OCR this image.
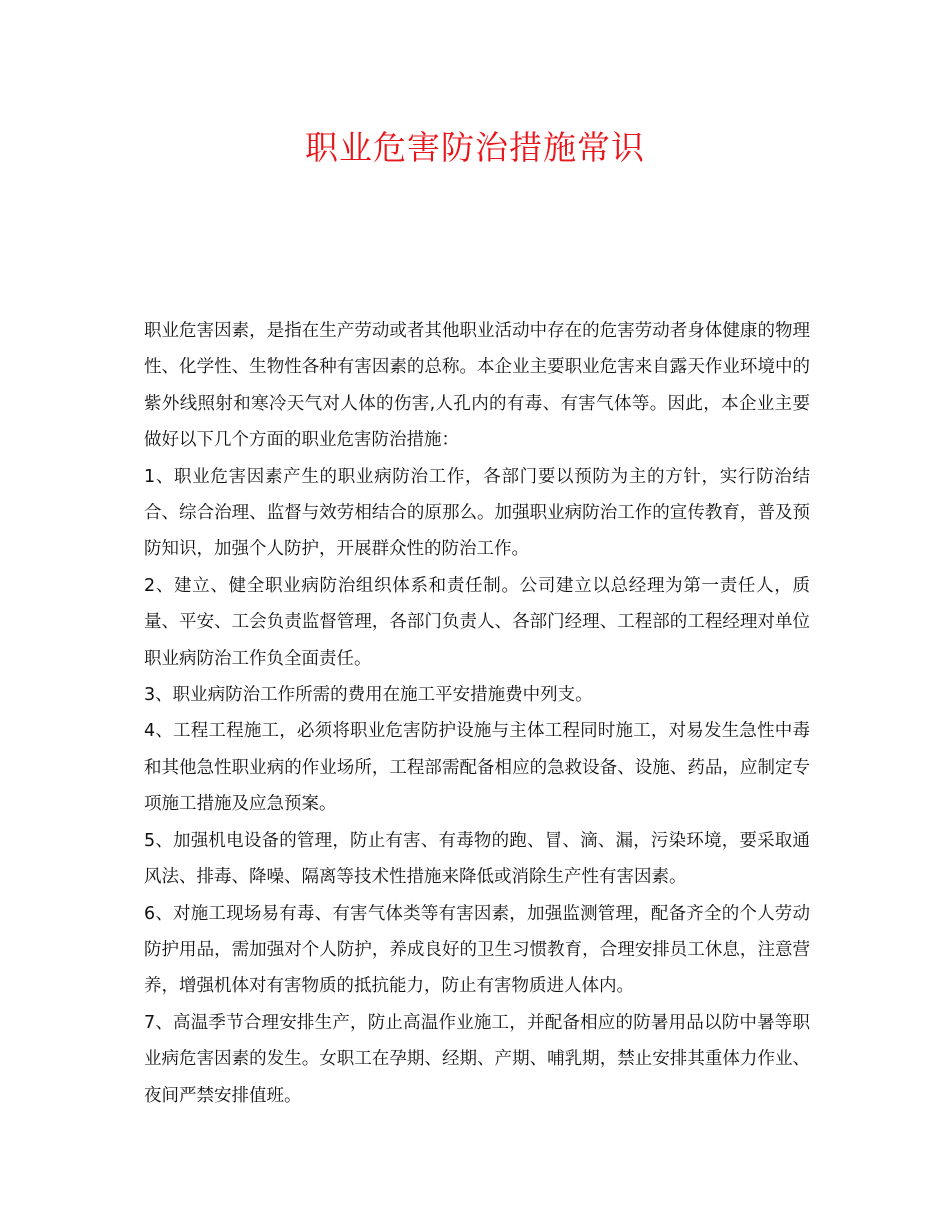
职业危害防治措施常识

职业危害因素，是指在生产劳动或者其他职业活动中存在的危害劳动者身体健康的物理性、化学性、生物性各种有害因素的总称。本企业主要职业危害来自露天作业环境中的紫外线照射和寒冷天气对人体的伤害,人孔内的有毒、有害气体等。因此，本企业主要做好以下几个方面的职业危害防治措施：

1、职业危害因素产生的职业病防治工作，各部门要以预防为主的方针，实行防治结合、综合治理、监督与效劳相结合的原那么。加强职业病防治工作的宣传教育，普及预防知识，加强个人防护，开展群众性的防治工作。

2、建立、健全职业病防治组织体系和责任制。公司建立以总经理为第一责任人，质量、平安、工会负责监督管理，各部门负责人、各部门经理、工程部的工程经理对单位职业病防治工作负全面责任。

3、职业病防治工作所需的费用在施工平安措施费中列支。

4、工程工程施工，必须将职业危害防护设施与主体工程同时施工，对易发生急性中毒和其他急性职业病的作业场所，工程部需配备相应的急救设备、设施、药品，应制定专项施工措施及应急预案。

5、加强机电设备的管理，防止有害、有毒物的跑、冒、滴、漏，污染环境，要采取通风法、排毒、降噪、隔离等技术性措施来降低或消除生产性有害因素。

6、对施工现场易有毒、有害气体类等有害因素，加强监测管理，配备齐全的个人劳动防护用品，需加强对个人防护，养成良好的卫生习惯教育，合理安排员工休息，注意营养，增强机体对有害物质的抵抗能力，防止有害物质进人体内。

7、高温季节合理安排生产，防止高温作业施工，并配备相应的防暑用品以防中暑等职业病危害因素的发生。女职工在孕期、经期、产期、哺乳期，禁止安排其重体力作业、夜间严禁安排值班。
